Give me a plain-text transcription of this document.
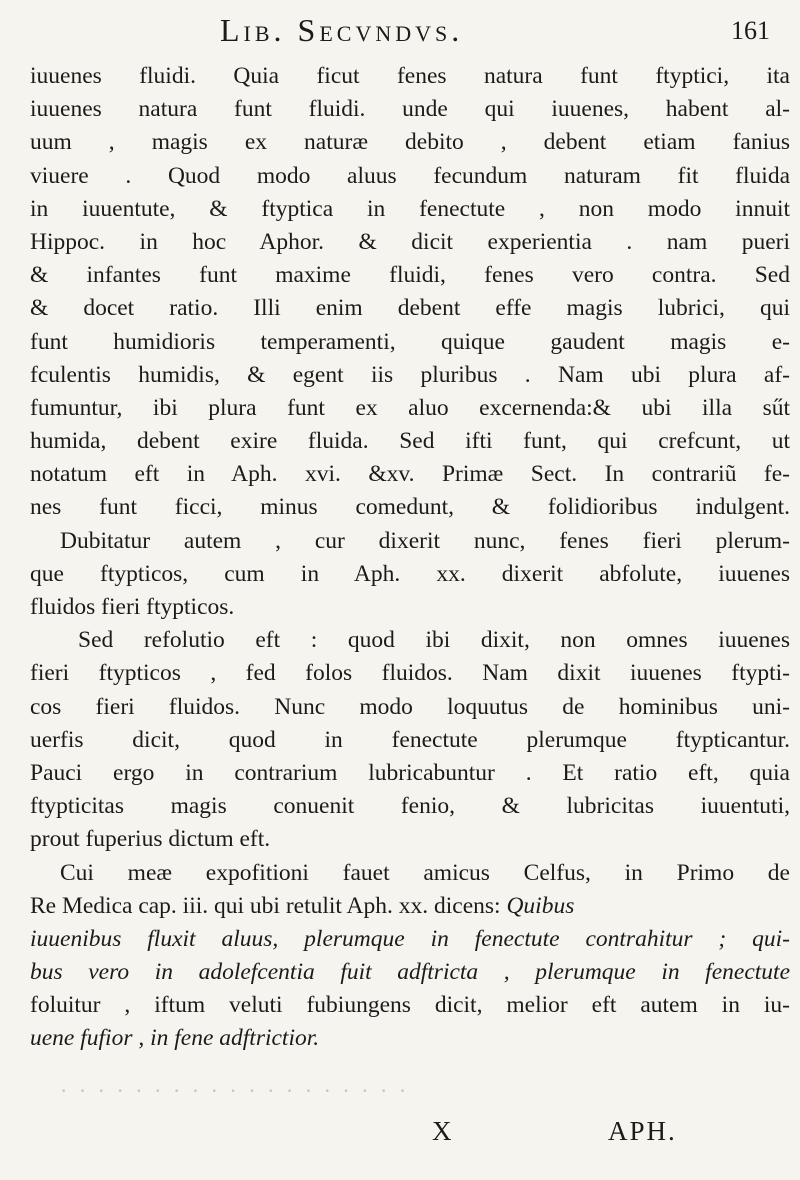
Lib. Secvndvs.	161
iuuenes fluidi. Quia ficut fenes natura funt ftyptici, ita
iuuenes natura funt fluidi. unde qui iuuenes, habent al-
uum , magis ex naturæ debito , debent etiam fanius
viuere . Quod modo aluus fecundum naturam fit fluida
in iuuentute, & ftyptica in fenectute , non modo innuit
Hippoc. in hoc Aphor. & dicit experientia . nam pueri
& infantes funt maxime fluidi, fenes vero contra. Sed
& docet ratio. Illi enim debent effe magis lubrici, qui
funt humidioris temperamenti, quique gaudent magis e-
fculentis humidis, & egent iis pluribus . Nam ubi plura af-
fumuntur, ibi plura funt ex aluo excernenda:& ubi illa sűt
humida, debent exire fluida. Sed ifti funt, qui crefcunt, ut
notatum eft in Aph. xvi. &xv. Primæ Sect. In contrariũ fe-
nes funt ficci, minus comedunt, & folidioribus indulgent.
Dubitatur autem , cur dixerit nunc, fenes fieri plerum-
que ftypticos, cum in Aph. xx. dixerit abfolute, iuuenes
fluidos fieri ftypticos.
Sed refolutio eft : quod ibi dixit, non omnes iuuenes
fieri ftypticos , fed folos fluidos. Nam dixit iuuenes ftypti-
cos fieri fluidos. Nunc modo loquutus de hominibus uni-
uerfis dicit, quod in fenectute plerumque ftypticantur.
Pauci ergo in contrarium lubricabuntur . Et ratio eft, quia
ftypticitas magis conuenit fenio, & lubricitas iuuentuti,
prout fuperius dictum eft.
Cui meæ expofitioni fauet amicus Celfus, in Primo de
Re Medica cap. iii. qui ubi retulit Aph. xx. dicens: Quibus
iuuenibus fluxit aluus, plerumque in fenectute contrahitur ; qui-
bus vero in adolefcentia fuit adftricta , plerumque in fenectute
foluitur , iftum veluti fubiungens dicit, melior eft autem in iu-
uene fufior , in fene adftrictior.
· · · · · · · · · · · · · · · · · · ·
X	APH.
